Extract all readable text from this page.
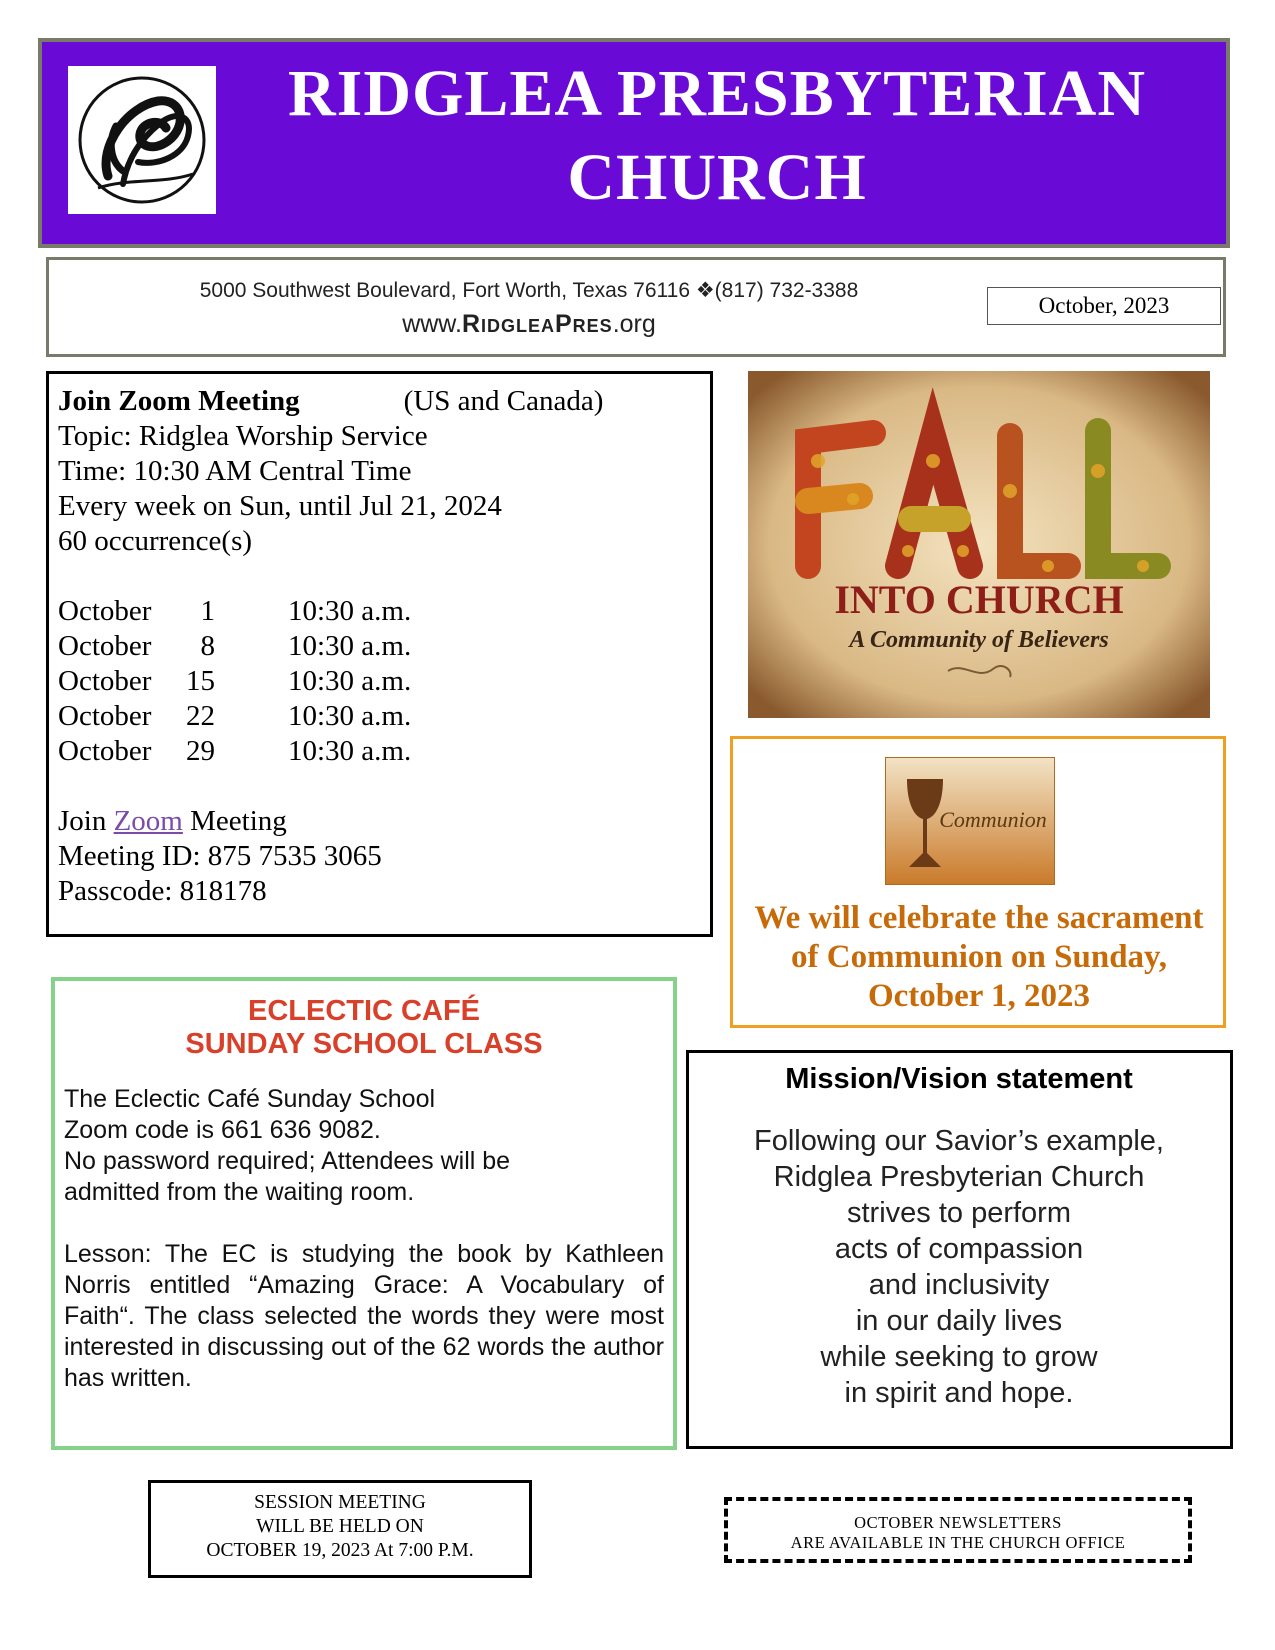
RIDGLEA PRESBYTERIAN
CHURCH
5000 Southwest Boulevard, Fort Worth, Texas 76116 ❖(817) 732-3388
www.RidgleaPres.org
October, 2023
Join Zoom Meeting	(US and Canada)
Topic: Ridglea Worship Service
Time: 10:30 AM Central Time
Every week on Sun, until Jul 21, 2024
60 occurrence(s)
October	1	10:30 a.m.
October	8	10:30 a.m.
October	15	10:30 a.m.
October	22	10:30 a.m.
October	29	10:30 a.m.
Join Zoom Meeting
Meeting ID: 875 7535 3065
Passcode: 818178
INTO CHURCH
A Community of Believers
Communion
We will celebrate the sacrament of Communion on Sunday, October 1, 2023
ECLECTIC CAFÉ
SUNDAY SCHOOL CLASS
The Eclectic Café Sunday School
Zoom code is 661 636 9082.
No password required; Attendees will be
admitted from the waiting room.
Lesson: The EC is studying the book by Kathleen Norris entitled “Amazing Grace: A Vocabulary of Faith“. The class selected the words they were most interested in discussing out of the 62 words the author has written.
Mission/Vision statement
Following our Savior’s example,
Ridglea Presbyterian Church
strives to perform
acts of compassion
and inclusivity
in our daily lives
while seeking to grow
in spirit and hope.
SESSION MEETING
WILL BE HELD ON
OCTOBER 19, 2023 At 7:00 P.M.
OCTOBER NEWSLETTERS
ARE AVAILABLE IN THE CHURCH OFFICE
